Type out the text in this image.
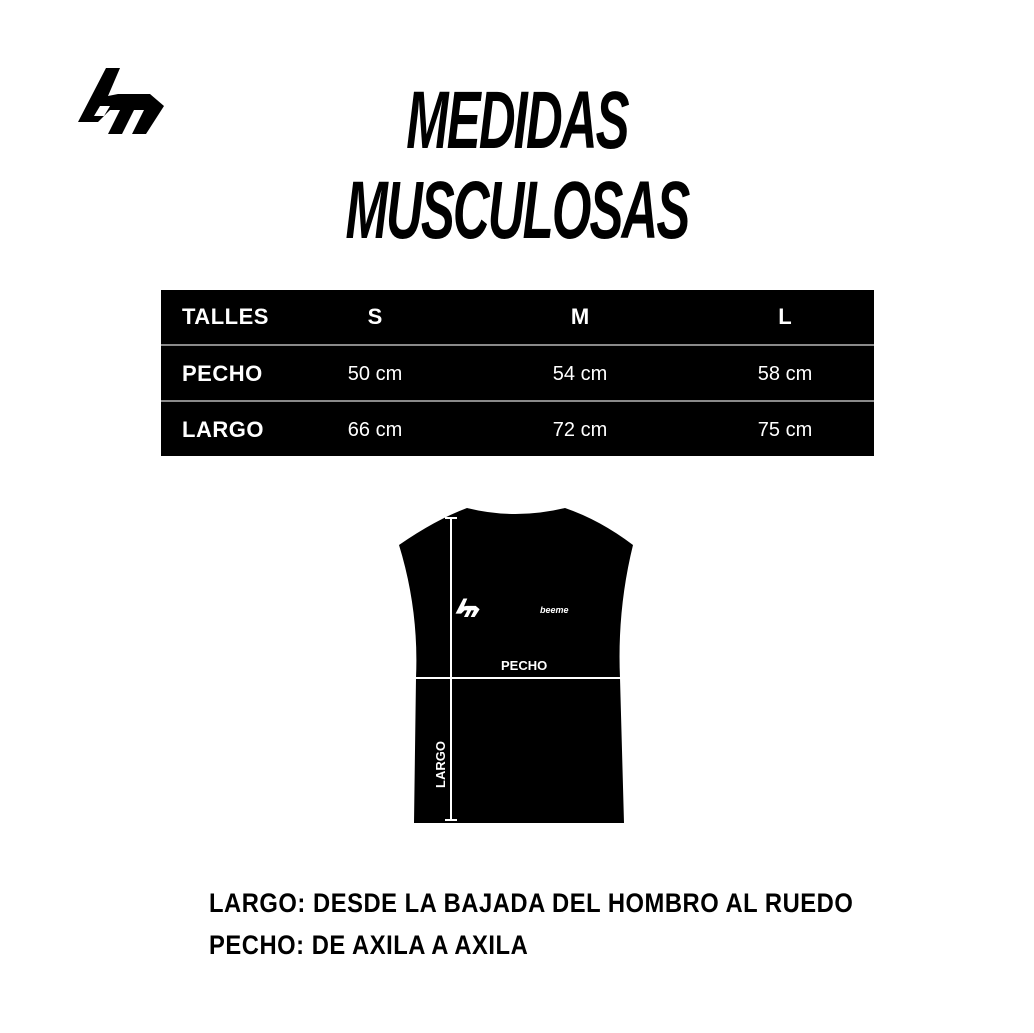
MEDIDAS
MUSCULOSAS
TALLES	S	M	L
PECHO	50 cm	54 cm	58 cm
LARGO	66 cm	72 cm	75 cm
beeme
PECHO
LARGO
LARGO: DESDE LA BAJADA DEL HOMBRO AL RUEDO
PECHO: DE AXILA A AXILA
